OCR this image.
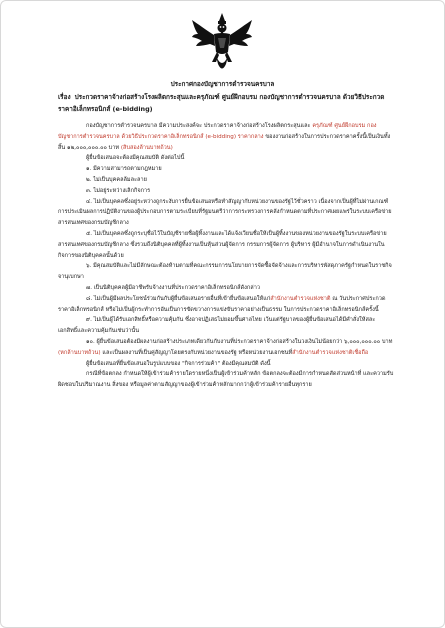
ประกาศกองบัญชาการตำรวจนครบาล
เรื่อง ประกวดราคาจ้างก่อสร้างโรงผลิตกระสุนและครุภัณฑ์ ศูนย์ฝึกอบรม กองบัญชาการตำรวจนครบาล ด้วยวิธีประกวดราคาอิเล็กทรอนิกส์ (e-bidding)

กองบัญชาการตำรวจนครบาล มีความประสงค์จะ ประกวดราคาจ้างก่อสร้างโรงผลิตกระสุนและ ครุภัณฑ์ ศูนย์ฝึกอบรม กองบัญชาการตำรวจนครบาล ด้วยวิธีประกวดราคาอิเล็กทรอนิกส์ (e-bidding) ราคากลาง ของงานก่อสร้างในการประกวดราคาครั้งนี้เป็นเงินทั้งสิ้น ๑๒,๐๐๐,๐๐๐.๐๐ บาท (สิบสองล้านบาทถ้วน)

ผู้ยื่นข้อเสนอจะต้องมีคุณสมบัติ ดังต่อไปนี้

๑. มีความสามารถตามกฎหมาย

๒. ไม่เป็นบุคคลล้มละลาย

๓. ไม่อยู่ระหว่างเลิกกิจการ

๔. ไม่เป็นบุคคลซึ่งอยู่ระหว่างถูกระงับการยื่นข้อเสนอหรือทำสัญญากับหน่วยงานของรัฐไว้ชั่วคราว เนื่องจากเป็นผู้ที่ไม่ผ่านเกณฑ์การประเมินผลการปฏิบัติงานของผู้ประกอบการตามระเบียบที่รัฐมนตรีว่าการกระทรวงการคลังกำหนดตามที่ประกาศเผยแพร่ในระบบเครือข่ายสารสนเทศของกรมบัญชีกลาง

๕. ไม่เป็นบุคคลซึ่งถูกระบุชื่อไว้ในบัญชีรายชื่อผู้ทิ้งงานและได้แจ้งเวียนชื่อให้เป็นผู้ทิ้งงานของหน่วยงานของรัฐในระบบเครือข่ายสารสนเทศของกรมบัญชีกลาง ซึ่งรวมถึงนิติบุคคลที่ผู้ทิ้งงานเป็นหุ้นส่วนผู้จัดการ กรรมการผู้จัดการ ผู้บริหาร ผู้มีอำนาจในการดำเนินงานในกิจการของนิติบุคคลนั้นด้วย

๖. มีคุณสมบัติและไม่มีลักษณะต้องห้ามตามที่คณะกรรมการนโยบายการจัดซื้อจัดจ้างและการบริหารพัสดุภาครัฐกำหนดในราชกิจจานุเบกษา

๗. เป็นนิติบุคคลผู้มีอาชีพรับจ้างงานที่ประกวดราคาอิเล็กทรอนิกส์ดังกล่าว

๘. ไม่เป็นผู้มีผลประโยชน์ร่วมกันกับผู้ยื่นข้อเสนอรายอื่นที่เข้ายื่นข้อเสนอให้แก่สำนักงานตำรวจแห่งชาติ ณ วันประกาศประกวดราคาอิเล็กทรอนิกส์ หรือไม่เป็นผู้กระทำการอันเป็นการขัดขวางการแข่งขันราคาอย่างเป็นธรรม ในการประกวดราคาอิเล็กทรอนิกส์ครั้งนี้

๙. ไม่เป็นผู้ได้รับเอกสิทธิ์หรือความคุ้มกัน ซึ่งอาจปฏิเสธไม่ยอมขึ้นศาลไทย เว้นแต่รัฐบาลของผู้ยื่นข้อเสนอได้มีคำสั่งให้สละเอกสิทธิ์และความคุ้มกันเช่นว่านั้น

๑๐. ผู้ยื่นข้อเสนอต้องมีผลงานก่อสร้างประเภทเดียวกันกับงานที่ประกวดราคาจ้างก่อสร้างในวงเงินไม่น้อยกว่า ๖,๐๐๐,๐๐๐.๐๐ บาท (หกล้านบาทถ้วน) และเป็นผลงานที่เป็นคู่สัญญาโดยตรงกับหน่วยงานของรัฐ หรือหน่วยงานเอกชนที่สำนักงานตำรวจแห่งชาติเชื่อถือ

ผู้ยื่นข้อเสนอที่ยื่นข้อเสนอในรูปแบบของ "กิจการร่วมค้า" ต้องมีคุณสมบัติ ดังนี้

กรณีที่ข้อตกลง กำหนดให้ผู้เข้าร่วมค้ารายใดรายหนึ่งเป็นผู้เข้าร่วมค้าหลัก ข้อตกลงจะต้องมีการกำหนดสัดส่วนหน้าที่ และความรับผิดชอบในปริมาณงาน สิ่งของ หรือมูลค่าตามสัญญาของผู้เข้าร่วมค้าหลักมากกว่าผู้เข้าร่วมค้ารายอื่นทุกราย
